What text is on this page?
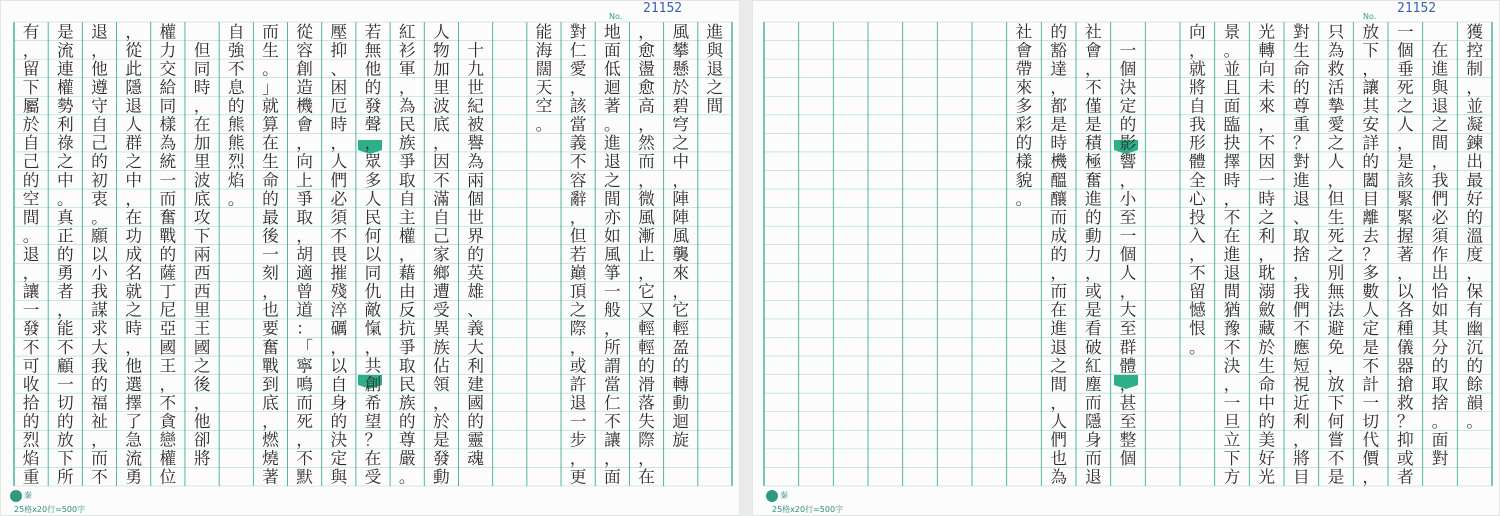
21152
No.
進
與
退
之
間
風
攀
懸
於
碧
穹
之
中
，
陣
陣
風
襲
來
，
它
輕
盈
的
轉
動
迴
旋
，
愈
盪
愈
高
，
然
而
，
微
風
漸
止
，
它
又
輕
輕
的
滑
落
失
際
，
在
地
面
低
迴
著
。
進
退
之
間
亦
如
風
箏
一
般
，
所
謂
當
仁
不
讓
，
面
對
仁
愛
，
該
當
義
不
容
辭
，
但
若
巔
頂
之
際
，
或
許
退
一
步
，
更
能
海
闊
天
空
。

十
九
世
紀
被
譽
為
兩
個
世
界
的
英
雄
、
義
大
利
建
國
的
靈
魂
人
物
加
里
波
底
，
因
不
滿
自
己
家
鄉
遭
受
異
族
佔
領
，
於
是
發
動
紅
衫
軍
，
為
民
族
爭
取
自
主
權
，
藉
由
反
抗
爭
取
民
族
的
尊
嚴
。
若
無
他
的
發
聲
，
眾
多
人
民
何
以
同
仇
敵
愾
，
共
創
希
望
？
在
受
壓
抑
、
困
厄
時
，
人
們
必
須
不
畏
摧
殘
淬
礪
，
以
自
身
的
決
定
與
從
容
創
造
機
會
，
向
上
爭
取
，
胡
適
曾
道
：
「
寧
鳴
而
死
，
不
默
而
生
。
」
就
算
在
生
命
的
最
後
一
刻
，
也
要
奮
戰
到
底
，
燃
燒
著
自
強
不
息
的
熊
熊
烈
焰
。

但
同
時
，
在
加
里
波
底
攻
下
兩
西
西
里
王
國
之
後
，
他
卻
將
權
力
交
給
同
樣
為
統
一
而
奮
戰
的
薩
丁
尼
亞
國
王
，
不
貪
戀
權
位
，
從
此
隱
退
人
群
之
中
，
在
功
成
名
就
之
時
，
他
選
擇
了
急
流
勇
退
，
他
遵
守
自
己
的
初
衷
。
願
以
小
我
謀
求
大
我
的
福
祉
，
而
不
是
流
連
權
勢
利
祿
之
中
。
真
正
的
勇
者
，
能
不
顧
一
切
的
放
下
所
有
，
留
下
屬
於
自
己
的
空
間
。
退
，
讓
一
發
不
可
收
拾
的
烈
焰
重
秦
25格x20行=500字
21152
No.
獲
控
制
，
並
凝
鍊
出
最
好
的
溫
度
，
保
有
幽
沉
的
餘
韻
。

在
進
與
退
之
間
，
我
們
必
須
作
出
恰
如
其
分
的
取
捨
。
面
對
一
個
垂
死
之
人
，
是
該
緊
緊
握
著
，
以
各
種
儀
器
搶
救
？
抑
或
者
放
下
，
讓
其
安
詳
的
闔
目
離
去
？
多
數
人
定
是
不
計
一
切
代
價
，
只
為
救
活
摯
愛
之
人
，
但
生
死
之
別
無
法
避
免
，
放
下
何
嘗
不
是
對
生
命
的
尊
重
？
對
進
退
、
取
捨
，
我
們
不
應
短
視
近
利
，
將
目
光
轉
向
未
來
，
不
因
一
時
之
利
，
耽
溺
斂
藏
於
生
命
中
的
美
好
光
景
。
並
且
面
臨
抉
擇
時
，
不
在
進
退
間
猶
豫
不
決
，
一
旦
立
下
方
向
，
就
將
自
我
形
體
全
心
投
入
，
不
留
憾
恨
。

一
個
決
定
的
影
響
，
小
至
一
個
人
，
大
至
群
體
，
甚
至
整
個
社
會
，
不
僅
是
積
極
奮
進
的
動
力
，
或
是
看
破
紅
塵
而
隱
身
而
退
的
豁
達
，
都
是
時
機
醞
釀
而
成
的
，
而
在
進
退
之
間
，
人
們
也
為
社
會
帶
來
多
彩
的
樣
貌
。
秦
25格x20行=500字
